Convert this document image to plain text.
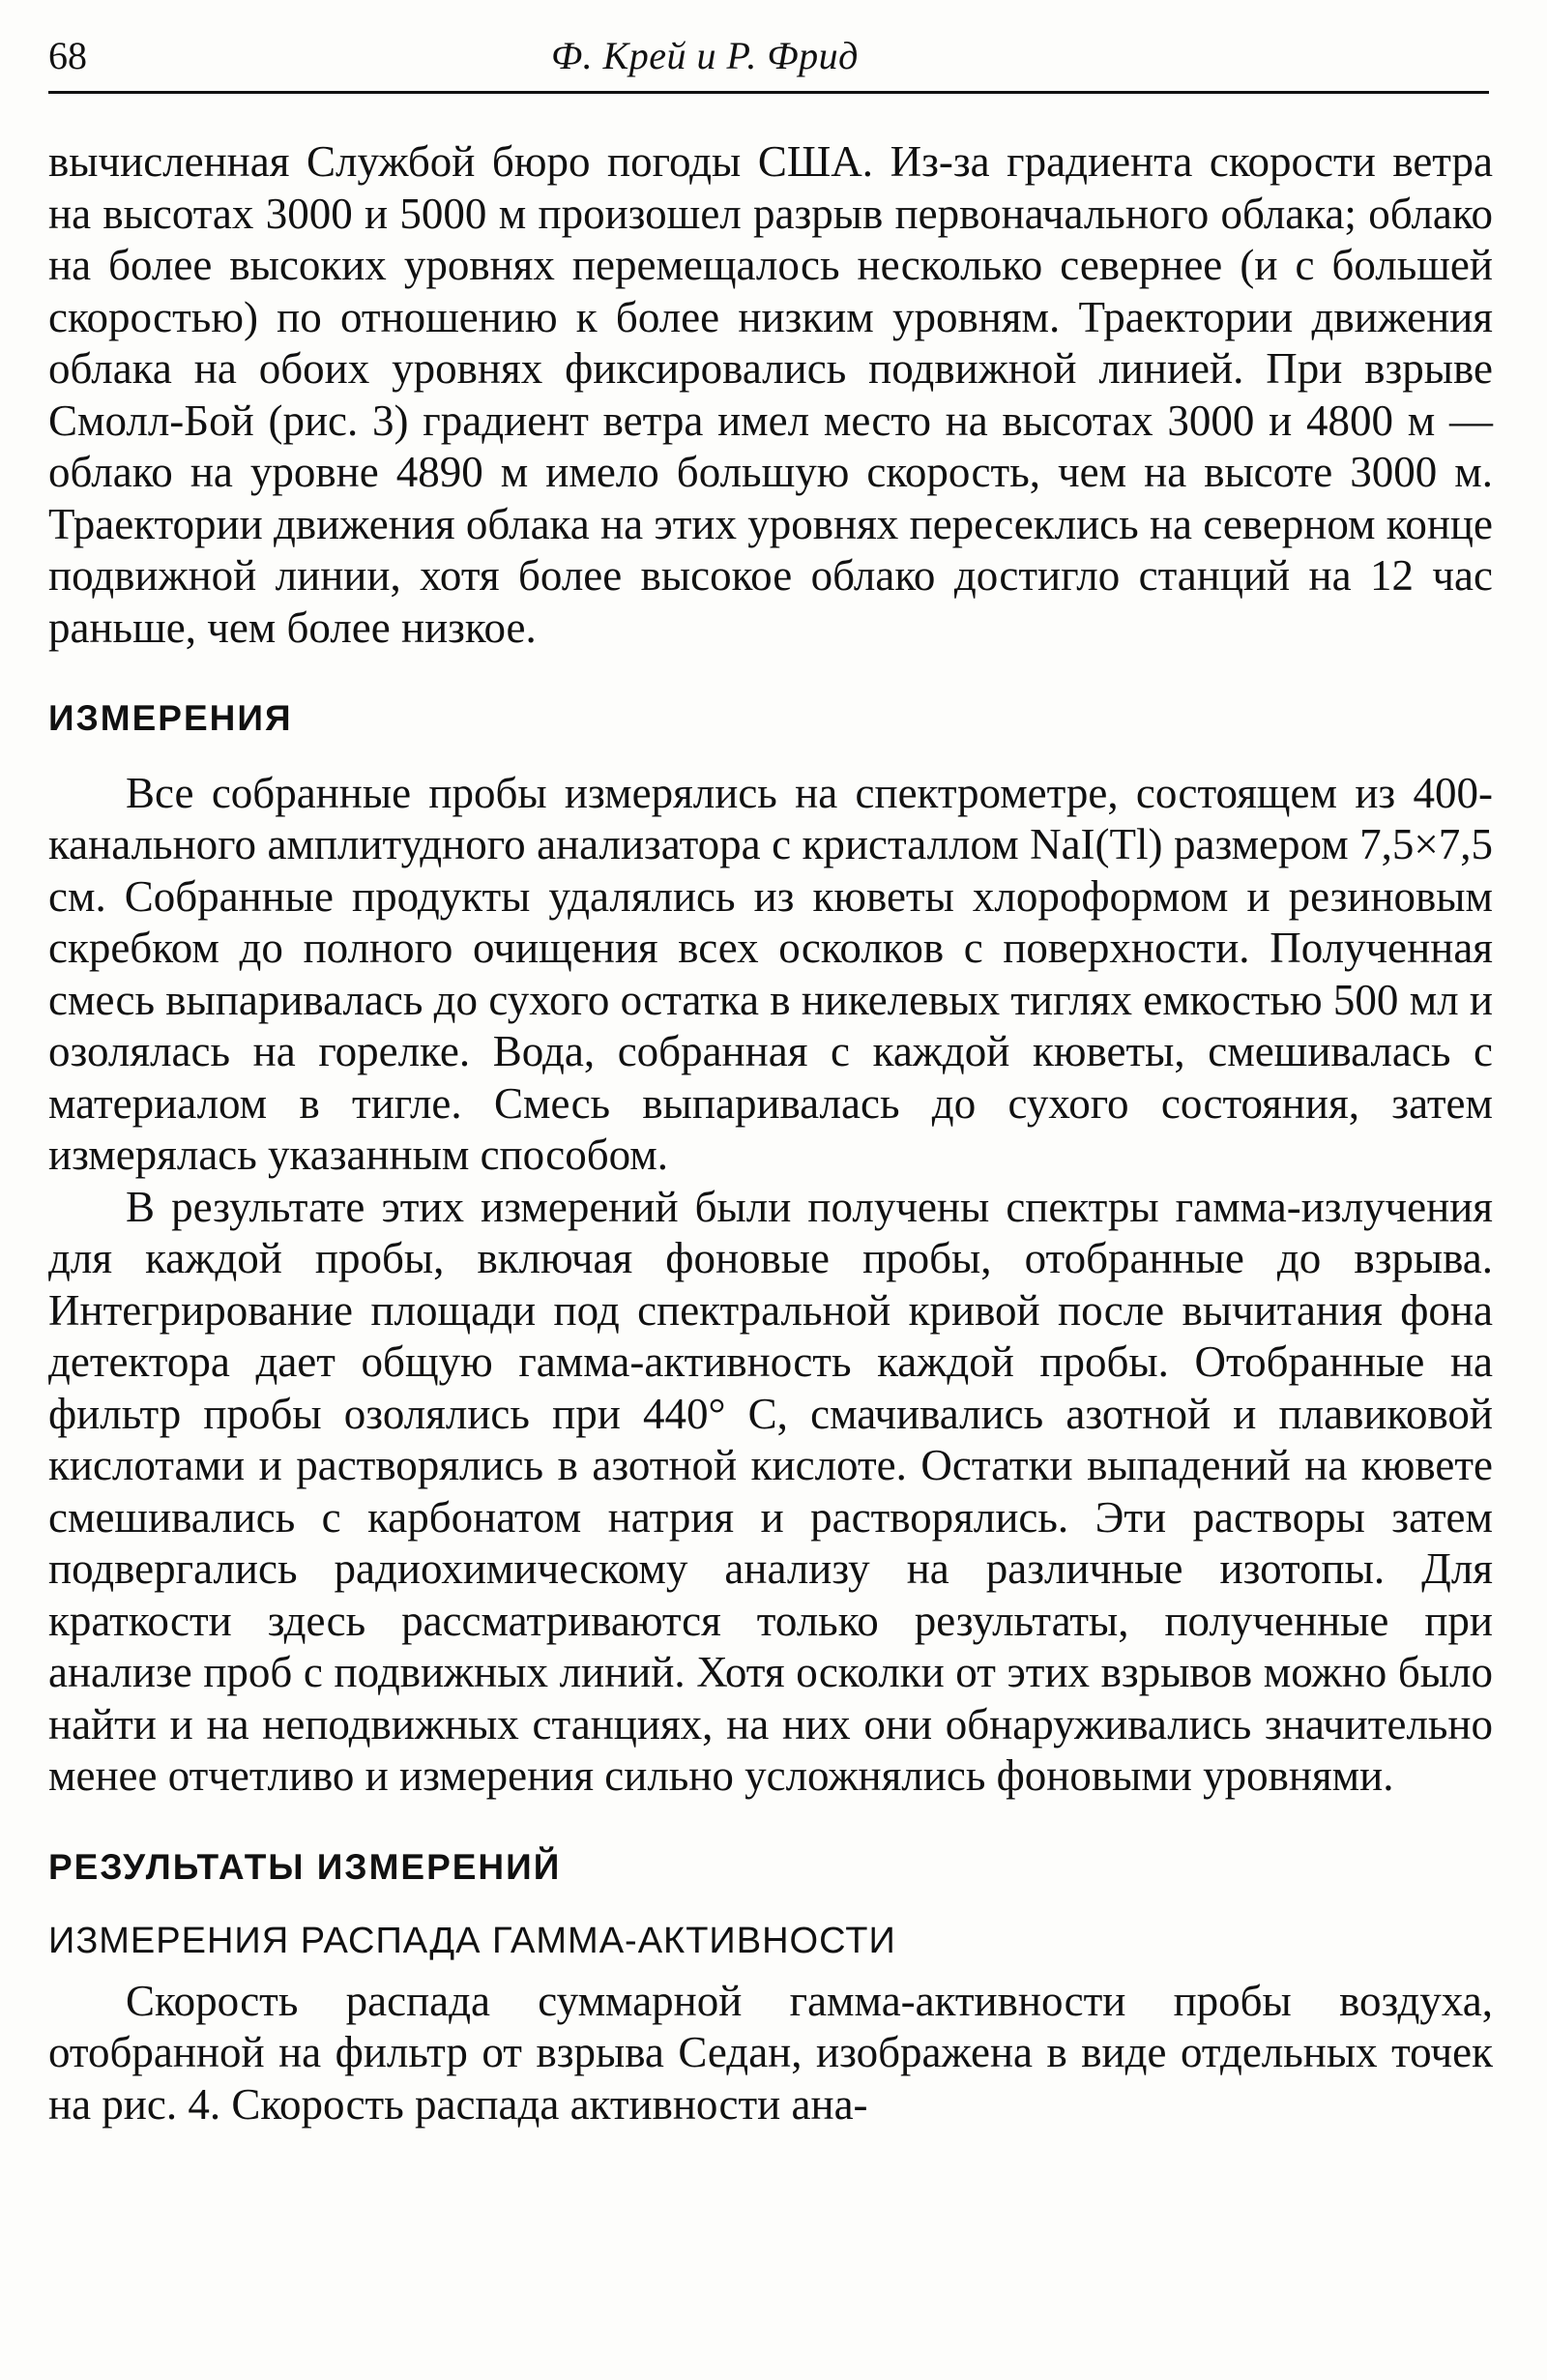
68	Ф. Крей и Р. Фрид

вычисленная Службой бюро погоды США. Из-за градиента скорости ветра на высотах 3000 и 5000 м произошел разрыв первоначального облака; облако на более высоких уровнях перемещалось несколько севернее (и с большей скоростью) по отношению к более низким уровням. Траектории движения облака на обоих уровнях фиксировались подвижной линией. При взрыве Смолл-Бой (рис. 3) градиент ветра имел место на высотах 3000 и 4800 м — облако на уровне 4890 м имело большую скорость, чем на высоте 3000 м. Траектории движения облака на этих уровнях пересеклись на северном конце подвижной линии, хотя более высокое облако достигло станций на 12 час раньше, чем более низкое.

ИЗМЕРЕНИЯ

Все собранные пробы измерялись на спектрометре, состоящем из 400-канального амплитудного анализатора с кристаллом NaI(Tl) размером 7,5×7,5 см. Собранные продукты удалялись из кюветы хлороформом и резиновым скребком до полного очищения всех осколков с поверхности. Полученная смесь выпаривалась до сухого остатка в никелевых тиглях емкостью 500 мл и озолялась на горелке. Вода, собранная с каждой кюветы, смешивалась с материалом в тигле. Смесь выпаривалась до сухого состояния, затем измерялась указанным способом.

В результате этих измерений были получены спектры гамма-излучения для каждой пробы, включая фоновые пробы, отобранные до взрыва. Интегрирование площади под спектральной кривой после вычитания фона детектора дает общую гамма-активность каждой пробы. Отобранные на фильтр пробы озолялись при 440° С, смачивались азотной и плавиковой кислотами и растворялись в азотной кислоте. Остатки выпадений на кювете смешивались с карбонатом натрия и растворялись. Эти растворы затем подвергались радиохимическому анализу на различные изотопы. Для краткости здесь рассматриваются только результаты, полученные при анализе проб с подвижных линий. Хотя осколки от этих взрывов можно было найти и на неподвижных станциях, на них они обнаруживались значительно менее отчетливо и измерения сильно усложнялись фоновыми уровнями.

РЕЗУЛЬТАТЫ ИЗМЕРЕНИЙ
ИЗМЕРЕНИЯ РАСПАДА ГАММА-АКТИВНОСТИ

Скорость распада суммарной гамма-активности пробы воздуха, отобранной на фильтр от взрыва Седан, изображена в виде отдельных точек на рис. 4. Скорость распада активности ана-
